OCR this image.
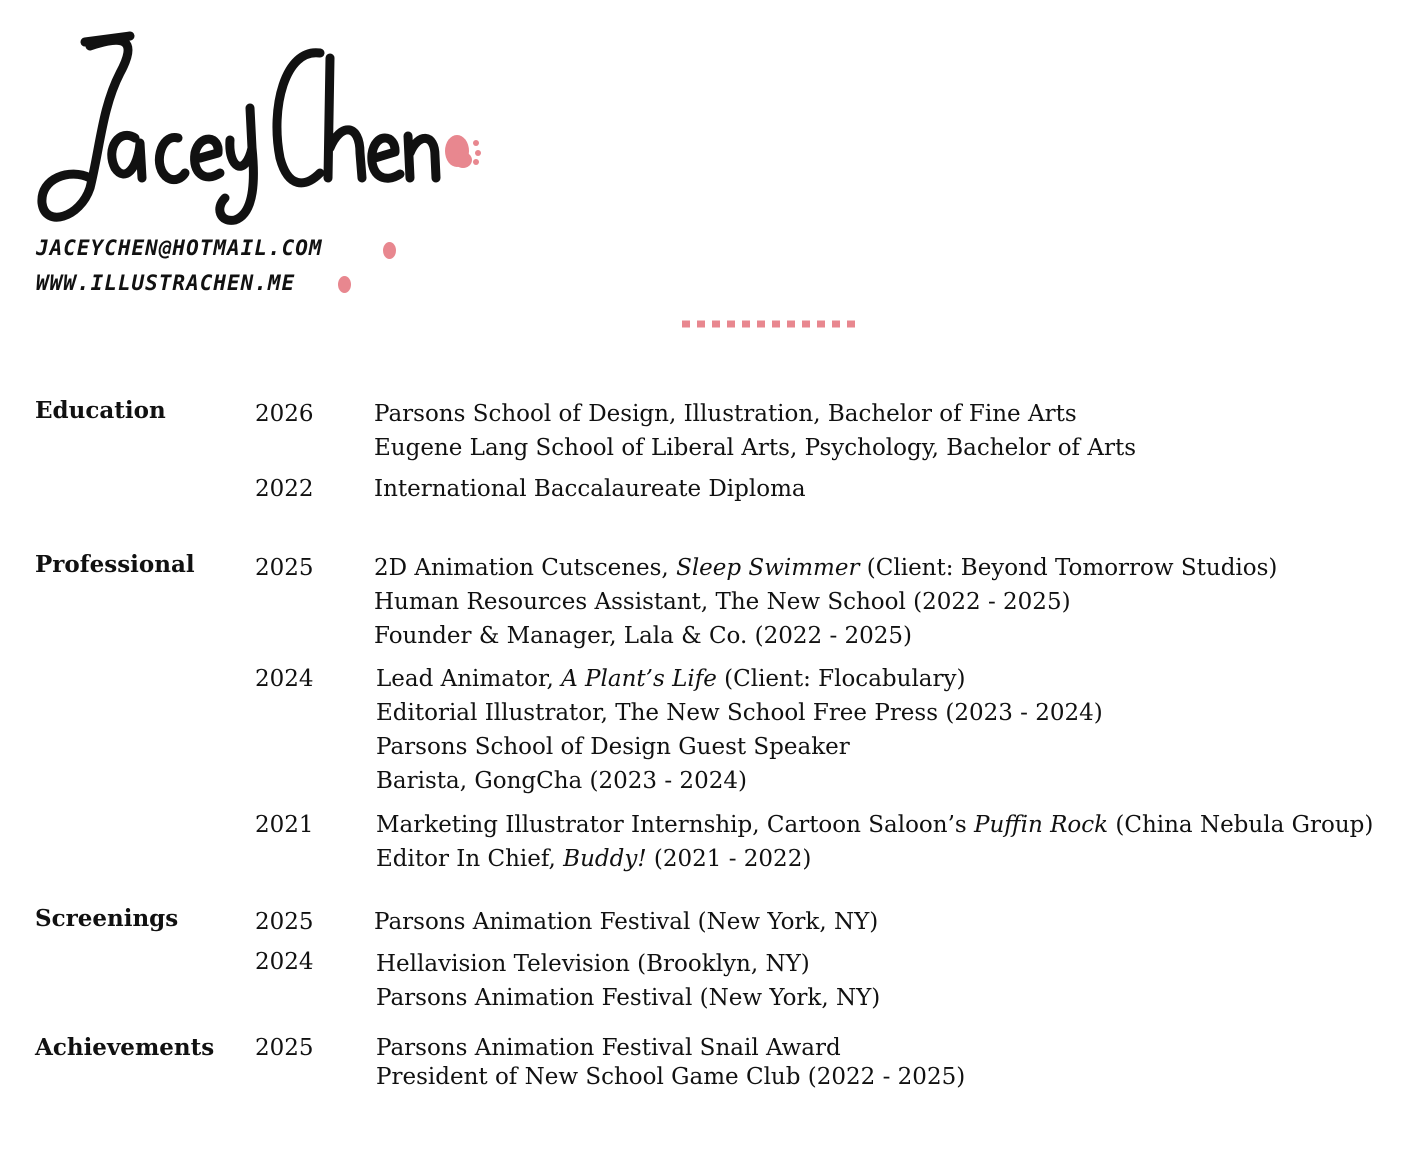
Jacey Chen
JACEYCHEN@HOTMAIL.COM
WWW.ILLUSTRACHEN.ME
Education	2026	Parsons School of Design, Illustration, Bachelor of Fine Arts
Eugene Lang School of Liberal Arts, Psychology, Bachelor of Arts
2022	International Baccalaureate Diploma
Professional	2025	2D Animation Cutscenes, Sleep Swimmer (Client: Beyond Tomorrow Studios)
Human Resources Assistant, The New School (2022 - 2025)
Founder & Manager, Lala & Co. (2022 - 2025)
2024	Lead Animator, A Plant’s Life (Client: Flocabulary)
Editorial Illustrator, The New School Free Press (2023 - 2024)
Parsons School of Design Guest Speaker
Barista, GongCha (2023 - 2024)
2021	Marketing Illustrator Internship, Cartoon Saloon’s Puffin Rock (China Nebula Group)
Editor In Chief, Buddy! (2021 - 2022)
Screenings	2025	Parsons Animation Festival (New York, NY)
2024	Hellavision Television (Brooklyn, NY)
Parsons Animation Festival (New York, NY)
Achievements 2025	Parsons Animation Festival Snail Award
President of New School Game Club (2022 - 2025)
